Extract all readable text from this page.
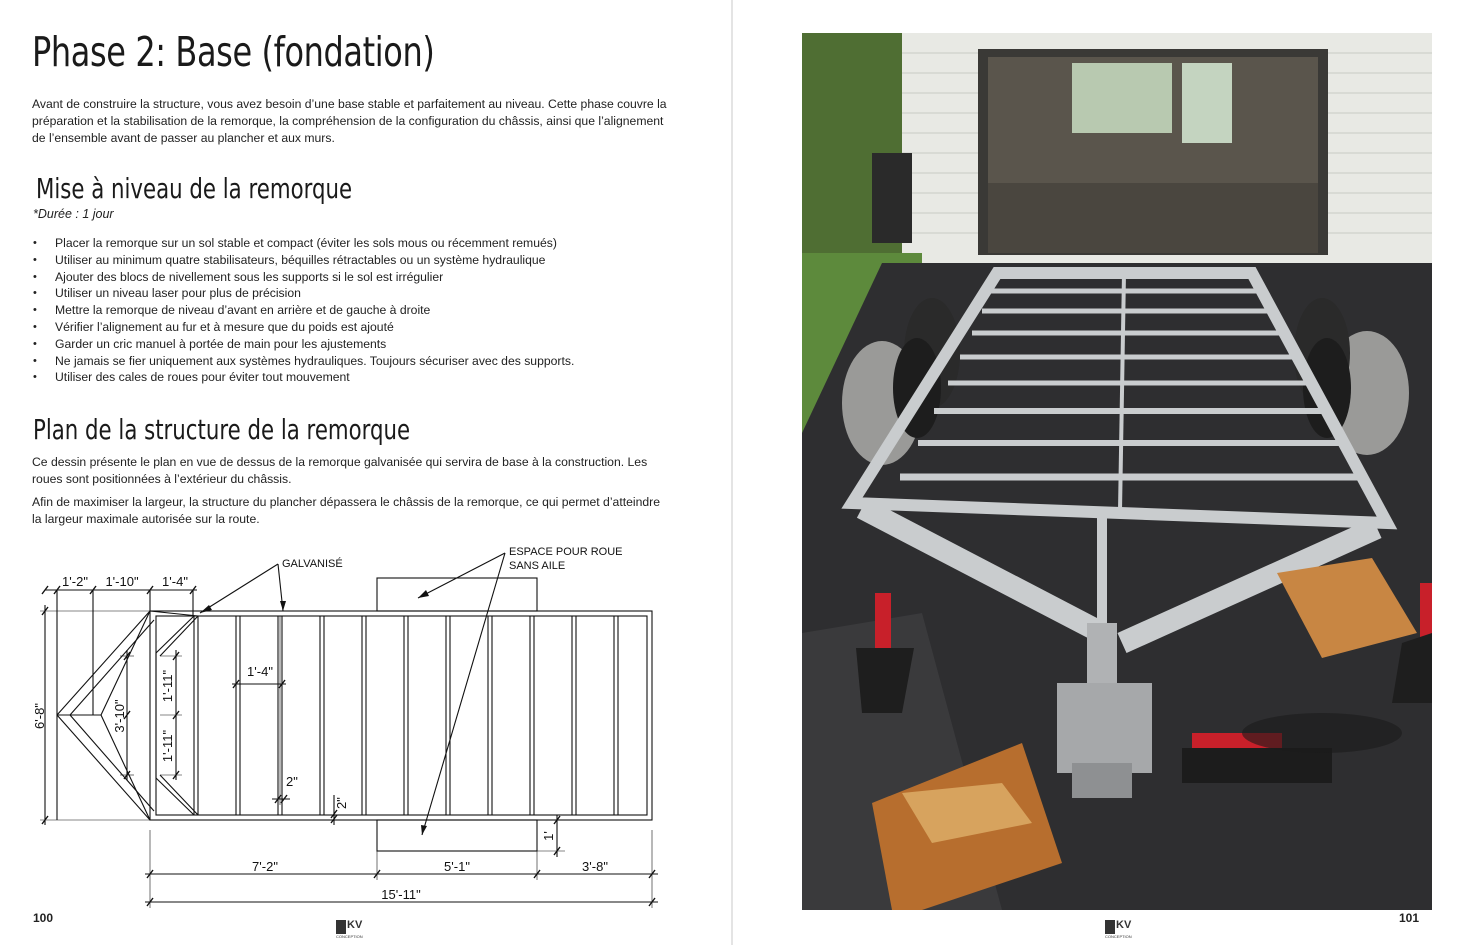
Phase 2: Base (fondation)
Avant de construire la structure, vous avez besoin d’une base stable et parfaitement au niveau. Cette phase couvre la préparation et la stabilisation de la remorque, la compréhension de la configuration du châssis, ainsi que l’alignement de l’ensemble avant de passer au plancher et aux murs.
Mise à niveau de la remorque
*Durée : 1 jour
• Placer la remorque sur un sol stable et compact (éviter les sols mous ou récemment remués)
• Utiliser au minimum quatre stabilisateurs, béquilles rétractables ou un système hydraulique
• Ajouter des blocs de nivellement sous les supports si le sol est irrégulier
• Utiliser un niveau laser pour plus de précision
• Mettre la remorque de niveau d’avant en arrière et de gauche à droite
• Vérifier l’alignement au fur et à mesure que du poids est ajouté
• Garder un cric manuel à portée de main pour les ajustements
• Ne jamais se fier uniquement aux systèmes hydrauliques. Toujours sécuriser avec des supports.
• Utiliser des cales de roues pour éviter tout mouvement
Plan de la structure de la remorque
Ce dessin présente le plan en vue de dessus de la remorque galvanisée qui servira de base à la construction. Les roues sont positionnées à l’extérieur du châssis.
Afin de maximiser la largeur, la structure du plancher dépassera le châssis de la remorque, ce qui permet d’atteindre la largeur maximale autorisée sur la route.
GALVANISÉ
ESPACE POUR ROUE
SANS AILE
1'-2" 1'-10" 1'-4"
1'-4"
6'-8"	3'-10"
1'-11"
1'-11"
2"
2"
1'
7'-2"	5'-1"	3'-8"
15'-11"
100	KV
CONCEPTION
KV
CONCEPTION
101
